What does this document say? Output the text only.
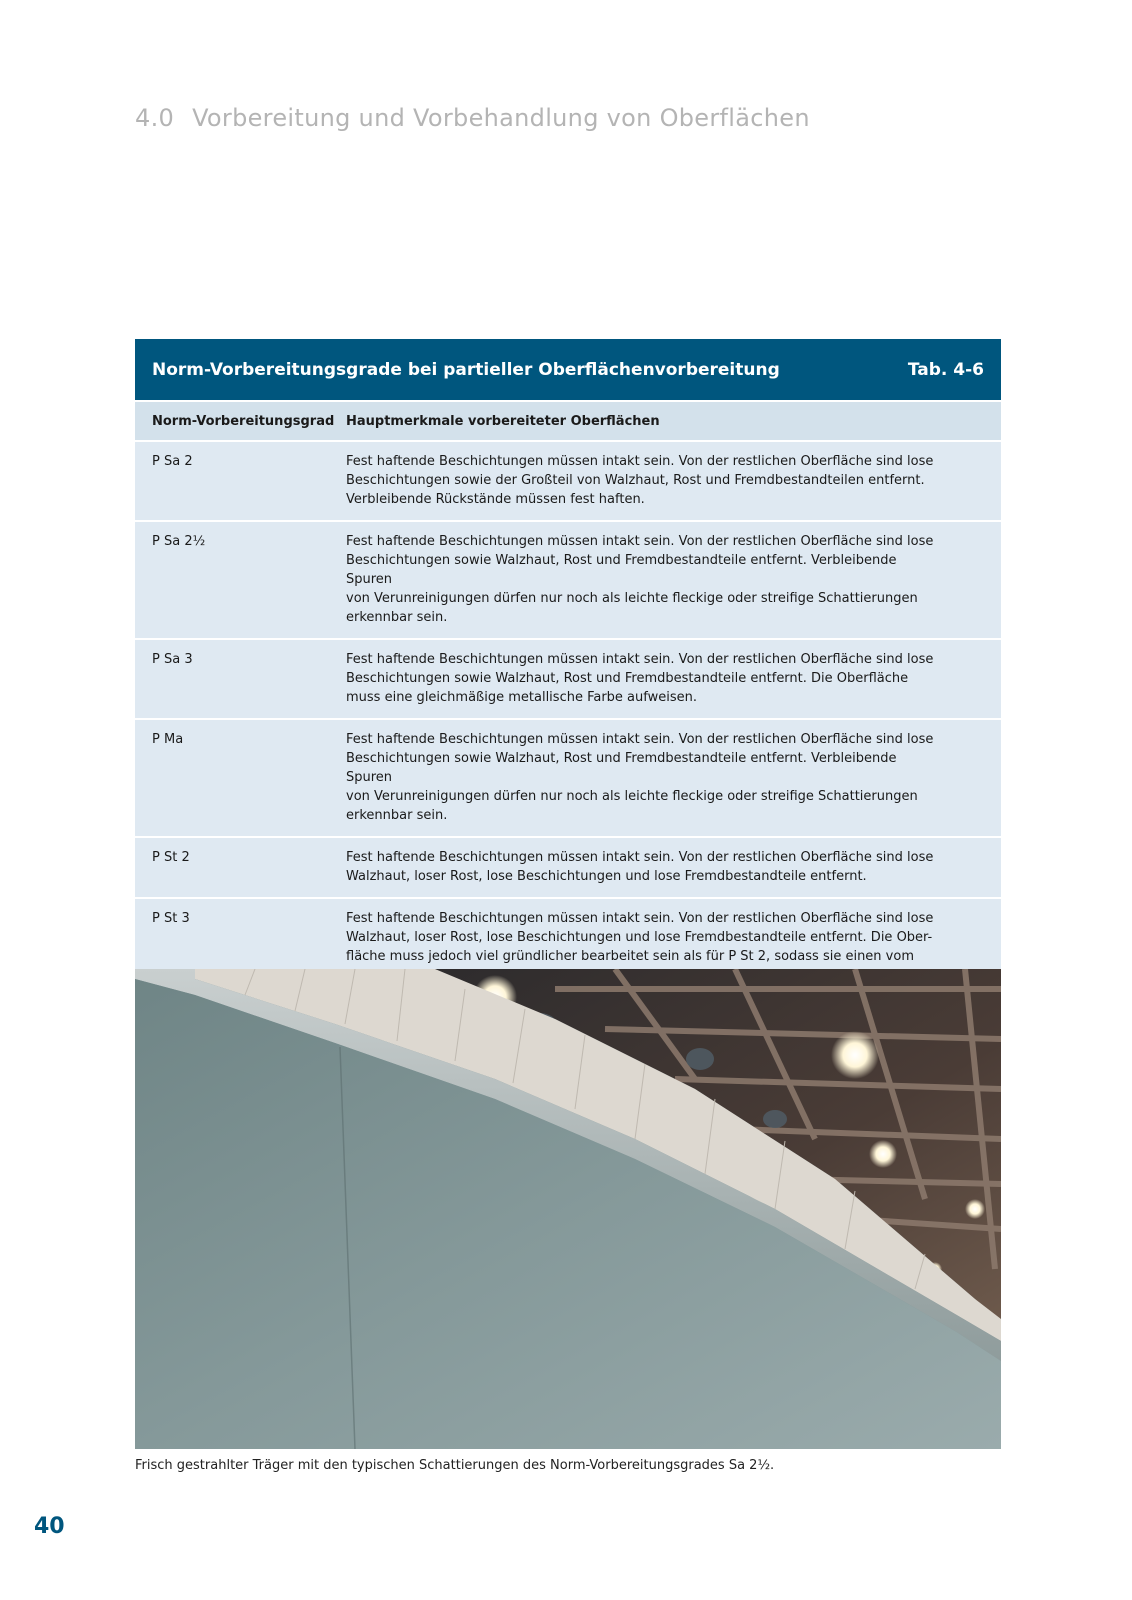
4.0 Vorbereitung und Vorbehandlung von Oberflächen
Norm-Vorbereitungsgrade bei partieller Oberflächenvorbereitung	Tab. 4-6
Norm-Vorbereitungsgrad Hauptmerkmale vorbereiteter Oberflächen
P Sa 2	Fest haftende Beschichtungen müssen intakt sein. Von der restlichen Oberfläche sind lose
Beschichtungen sowie der Großteil von Walzhaut, Rost und Fremdbestandteilen entfernt.
Verbleibende Rückstände müssen fest haften.
P Sa 2½	Fest haftende Beschichtungen müssen intakt sein. Von der restlichen Oberfläche sind lose
Beschichtungen sowie Walzhaut, Rost und Fremdbestandteile entfernt. Verbleibende Spuren
von Verunreinigungen dürfen nur noch als leichte fleckige oder streifige Schattierungen
erkennbar sein.
P Sa 3	Fest haftende Beschichtungen müssen intakt sein. Von der restlichen Oberfläche sind lose
Beschichtungen sowie Walzhaut, Rost und Fremdbestandteile entfernt. Die Oberfläche
muss eine gleichmäßige metallische Farbe aufweisen.
P Ma	Fest haftende Beschichtungen müssen intakt sein. Von der restlichen Oberfläche sind lose
Beschichtungen sowie Walzhaut, Rost und Fremdbestandteile entfernt. Verbleibende Spuren
von Verunreinigungen dürfen nur noch als leichte fleckige oder streifige Schattierungen
erkennbar sein.
P St 2	Fest haftende Beschichtungen müssen intakt sein. Von der restlichen Oberfläche sind lose
Walzhaut, loser Rost, lose Beschichtungen und lose Fremdbestandteile entfernt.
P St 3	Fest haftende Beschichtungen müssen intakt sein. Von der restlichen Oberfläche sind lose
Walzhaut, loser Rost, lose Beschichtungen und lose Fremdbestandteile entfernt. Die Ober-
fläche muss jedoch viel gründlicher bearbeitet sein als für P St 2, sodass sie einen vom
Frisch gestrahlter Träger mit den typischen Schattierungen des Norm-Vorbereitungsgrades Sa 2½.
40
